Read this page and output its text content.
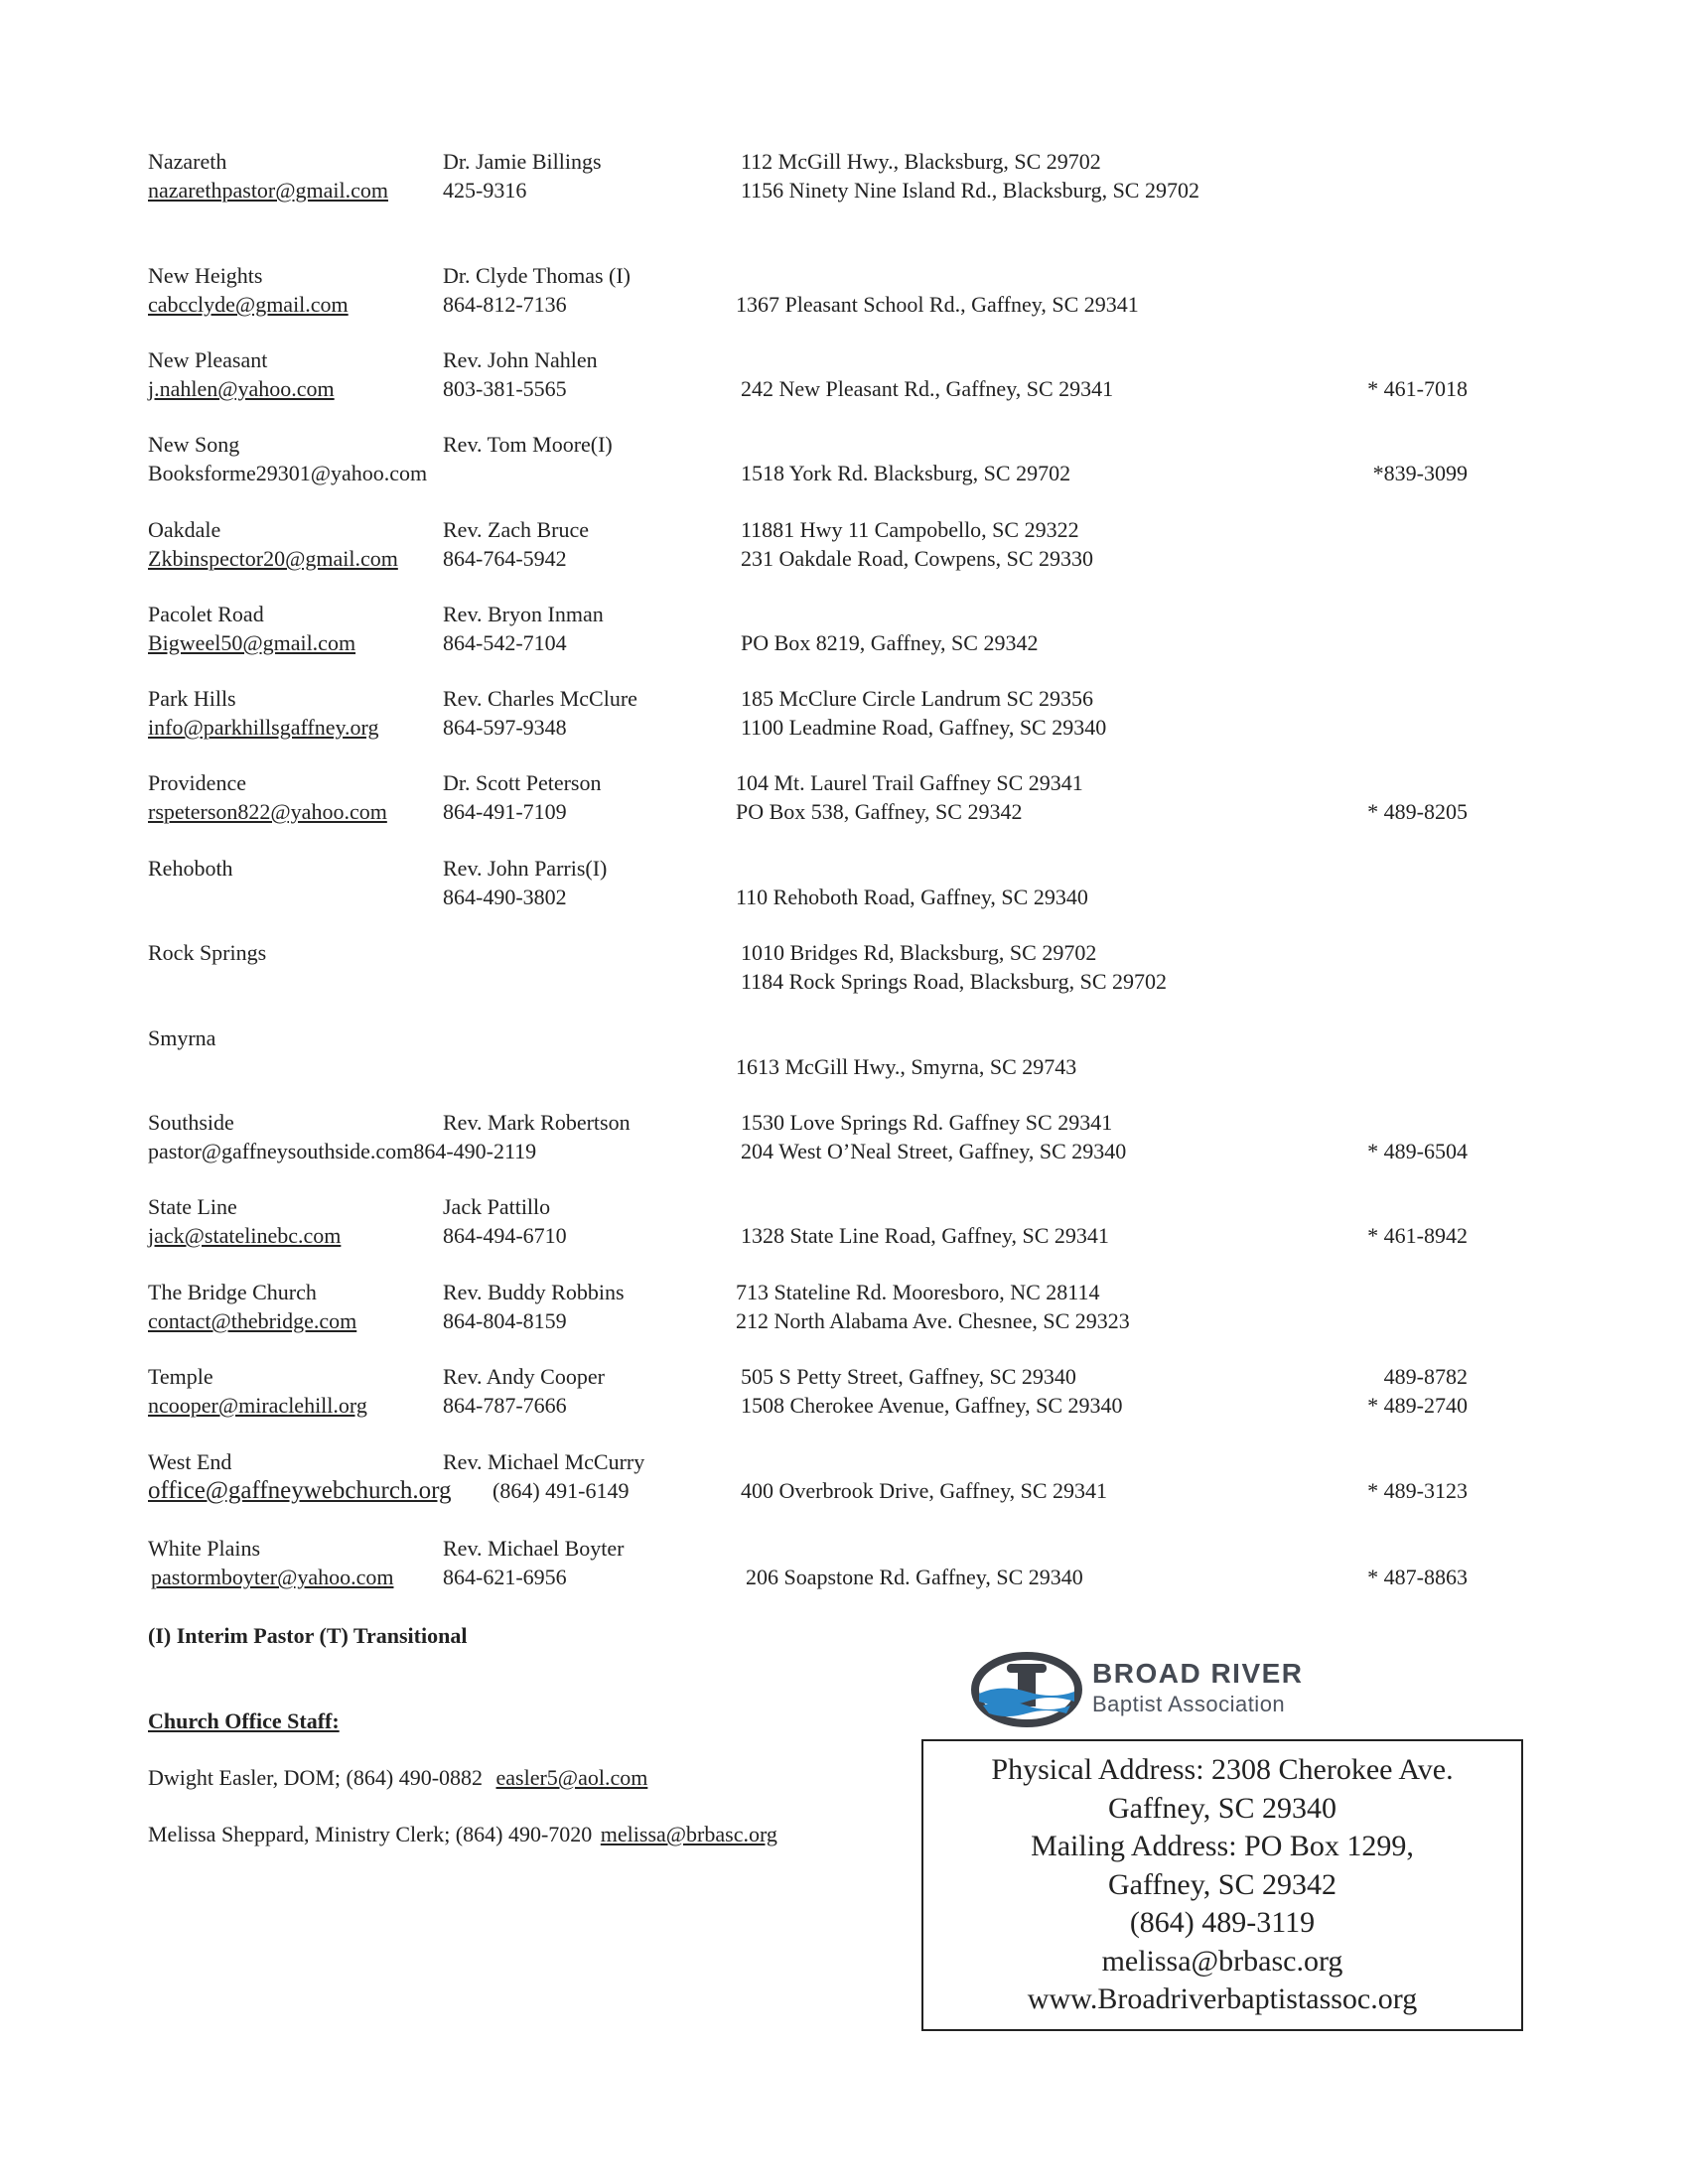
Nazareth	Dr. Jamie Billings	112 McGill Hwy., Blacksburg, SC 29702
nazarethpastor@gmail.com	425-9316	1156 Ninety Nine Island Rd., Blacksburg, SC 29702
New Heights	Dr. Clyde Thomas (I)
cabcclyde@gmail.com	864-812-7136	1367 Pleasant School Rd., Gaffney, SC 29341
New Pleasant	Rev. John Nahlen
j.nahlen@yahoo.com	803-381-5565	242 New Pleasant Rd., Gaffney, SC 29341	* 461-7018
New Song	Rev. Tom Moore(I)
Booksforme29301@yahoo.com	1518 York Rd. Blacksburg, SC 29702	*839-3099
Oakdale	Rev. Zach Bruce	11881 Hwy 11 Campobello, SC 29322
Zkbinspector20@gmail.com 864-764-5942	231 Oakdale Road, Cowpens, SC 29330
Pacolet Road	Rev. Bryon Inman
Bigweel50@gmail.com	864-542-7104	PO Box 8219, Gaffney, SC 29342
Park Hills	Rev. Charles McClure	185 McClure Circle Landrum SC 29356
info@parkhillsgaffney.org	864-597-9348	1100 Leadmine Road, Gaffney, SC 29340
Providence	Dr. Scott Peterson	104 Mt. Laurel Trail Gaffney SC 29341
rspeterson822@yahoo.com	864-491-7109	PO Box 538, Gaffney, SC 29342	* 489-8205
Rehoboth	Rev. John Parris(I)
864-490-3802	110 Rehoboth Road, Gaffney, SC 29340
Rock Springs	1010 Bridges Rd, Blacksburg, SC 29702
1184 Rock Springs Road, Blacksburg, SC 29702
Smyrna
1613 McGill Hwy., Smyrna, SC 29743
Southside	Rev. Mark Robertson	1530 Love Springs Rd. Gaffney SC 29341
pastor@gaffneysouthside.com 864-490-2119	204 West O’Neal Street, Gaffney, SC 29340	* 489-6504
State Line	Jack Pattillo
jack@statelinebc.com	864-494-6710	1328 State Line Road, Gaffney, SC 29341	* 461-8942
The Bridge Church	Rev. Buddy Robbins	713 Stateline Rd. Mooresboro, NC 28114
contact@thebridge.com	864-804-8159	212 North Alabama Ave. Chesnee, SC 29323
Temple	Rev. Andy Cooper	505 S Petty Street, Gaffney, SC 29340	489-8782
ncooper@miraclehill.org	864-787-7666	1508 Cherokee Avenue, Gaffney, SC 29340	* 489-2740
West End	Rev. Michael McCurry
office@gaffneywebchurch.org (864) 491-6149	400 Overbrook Drive, Gaffney, SC 29341	* 489-3123
White Plains	Rev. Michael Boyter
pastormboyter@yahoo.com 864-621-6956	206 Soapstone Rd. Gaffney, SC 29340	* 487-8863
(I) Interim Pastor (T) Transitional
Church Office Staff:
Dwight Easler, DOM; (864) 490-0882 easler5@aol.com
Melissa Sheppard, Ministry Clerk; (864) 490-7020 melissa@brbasc.org
BROAD RIVER
Baptist Association
Physical Address: 2308 Cherokee Ave.
Gaffney, SC 29340
Mailing Address: PO Box 1299,
Gaffney, SC 29342
(864) 489-3119
melissa@brbasc.org
www.Broadriverbaptistassoc.org
